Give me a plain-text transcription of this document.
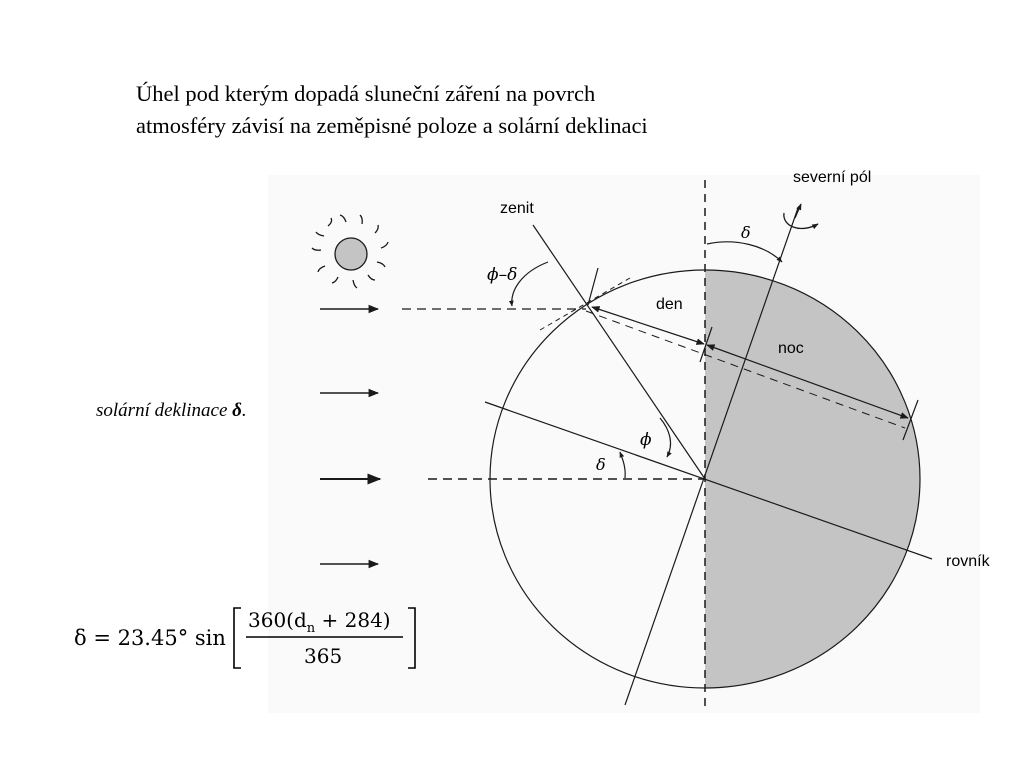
Úhel pod kterým dopadá sluneční záření na povrch
atmosféry závisí na zeměpisné poloze a solární deklinaci
solární deklinace δ.
zenit
severní pól
den
noc
rovník
ϕ–δ
δ
ϕ
δ
δ = 23.45° sin
$360(d_n + 284)$
365
